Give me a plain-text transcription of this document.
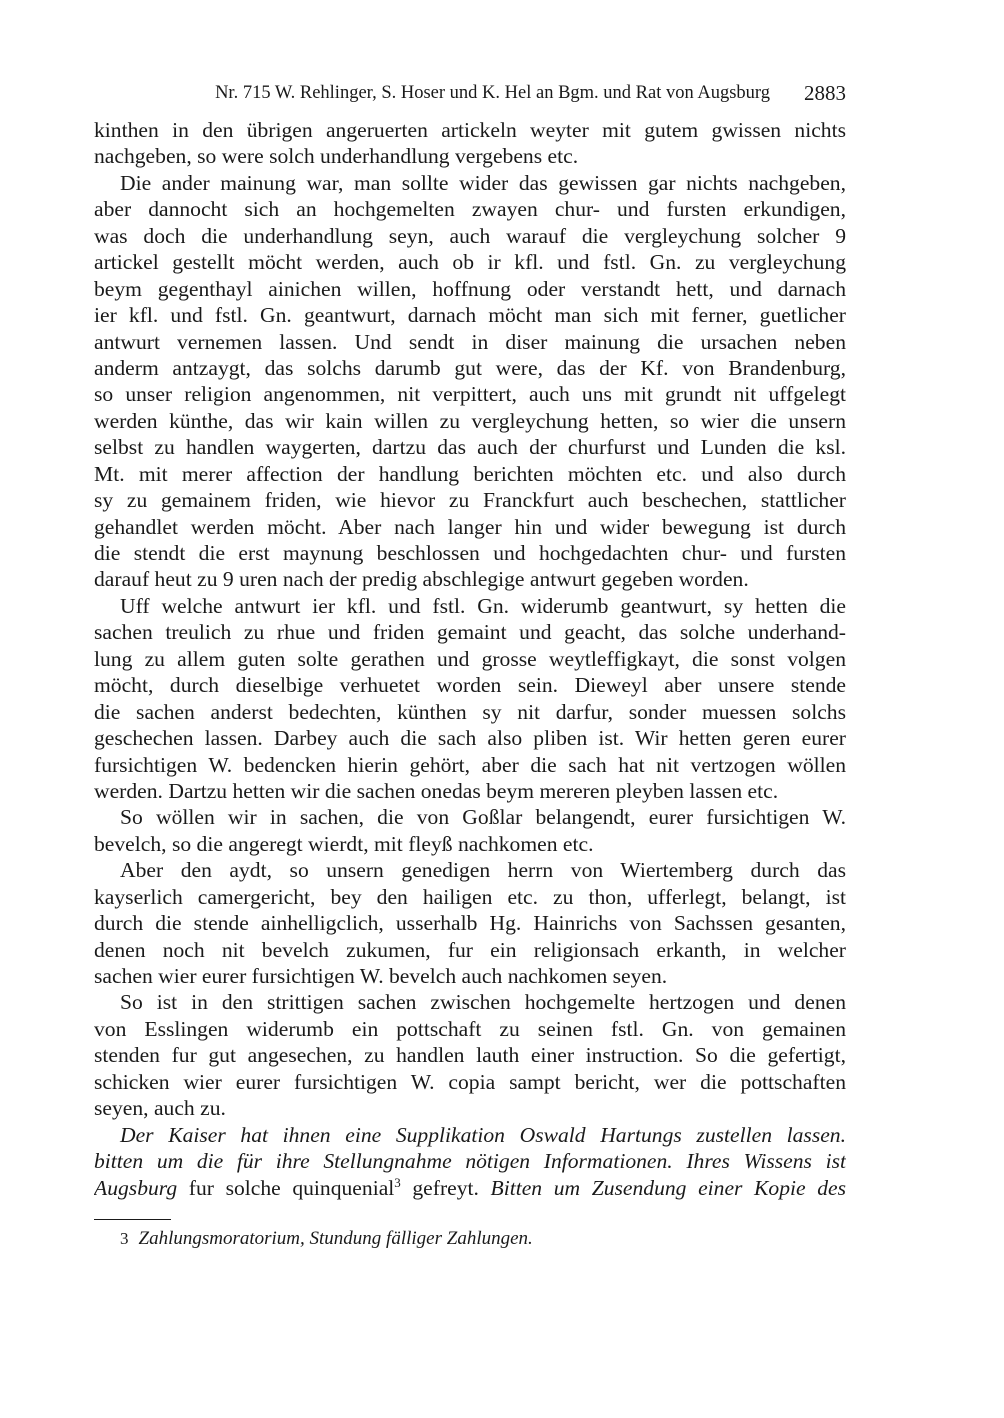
Nr. 715 W. Rehlinger, S. Hoser und K. Hel an Bgm. und Rat von Augsburg 2883
kinthen in den übrigen angeruerten artickeln weyter mit gutem gwissen nichts
nachgeben, so were solch underhandlung vergebens etc.
Die ander mainung war, man sollte wider das gewissen gar nichts nachgeben,
aber dannocht sich an hochgemelten zwayen chur- und fursten erkundigen,
was doch die underhandlung seyn, auch warauf die vergleychung solcher 9
artickel gestellt möcht werden, auch ob ir kfl. und fstl. Gn. zu vergleychung
beym gegenthayl ainichen willen, hoffnung oder verstandt hett, und darnach
ier kfl. und fstl. Gn. geantwurt, darnach möcht man sich mit ferner, guetlicher
antwurt vernemen lassen. Und sendt in diser mainung die ursachen neben
anderm antzaygt, das solchs darumb gut were, das der Kf. von Brandenburg,
so unser religion angenommen, nit verpittert, auch uns mit grundt nit uffgelegt
werden künthe, das wir kain willen zu vergleychung hetten, so wier die unsern
selbst zu handlen waygerten, dartzu das auch der churfurst und Lunden die ksl.
Mt. mit merer affection der handlung berichten möchten etc. und also durch
sy zu gemainem friden, wie hievor zu Franckfurt auch beschechen, stattlicher
gehandlet werden möcht. Aber nach langer hin und wider bewegung ist durch
die stendt die erst maynung beschlossen und hochgedachten chur- und fursten
darauf heut zu 9 uren nach der predig abschlegige antwurt gegeben worden.
Uff welche antwurt ier kfl. und fstl. Gn. widerumb geantwurt, sy hetten die
sachen treulich zu rhue und friden gemaint und geacht, das solche underhand-
lung zu allem guten solte gerathen und grosse weytleffigkayt, die sonst volgen
möcht, durch dieselbige verhuetet worden sein. Dieweyl aber unsere stende
die sachen anderst bedechten, künthen sy nit darfur, sonder muessen solchs
geschechen lassen. Darbey auch die sach also pliben ist. Wir hetten geren eurer
fursichtigen W. bedencken hierin gehört, aber die sach hat nit vertzogen wöllen
werden. Dartzu hetten wir die sachen onedas beym mereren pleyben lassen etc.
So wöllen wir in sachen, die von Goßlar belangendt, eurer fursichtigen W.
bevelch, so die angeregt wierdt, mit fleyß nachkomen etc.
Aber den aydt, so unsern genedigen herrn von Wiertemberg durch das
kayserlich camergericht, bey den hailigen etc. zu thon, ufferlegt, belangt, ist
durch die stende ainhelligclich, usserhalb Hg. Hainrichs von Sachssen gesanten,
denen noch nit bevelch zukumen, fur ein religionsach erkanth, in welcher
sachen wier eurer fursichtigen W. bevelch auch nachkomen seyen.
So ist in den strittigen sachen zwischen hochgemelte hertzogen und denen
von Esslingen widerumb ein pottschaft zu seinen fstl. Gn. von gemainen
stenden fur gut angesechen, zu handlen lauth einer instruction. So die gefertigt,
schicken wier eurer fursichtigen W. copia sampt bericht, wer die pottschaften
seyen, auch zu.
Der Kaiser hat ihnen eine Supplikation Oswald Hartungs zustellen lassen.
bitten um die für ihre Stellungnahme nötigen Informationen. Ihres Wissens ist
Augsburg fur solche quinquenial$^3$ gefreyt. Bitten um Zusendung einer Kopie des
3 Zahlungsmoratorium, Stundung fälliger Zahlungen.
